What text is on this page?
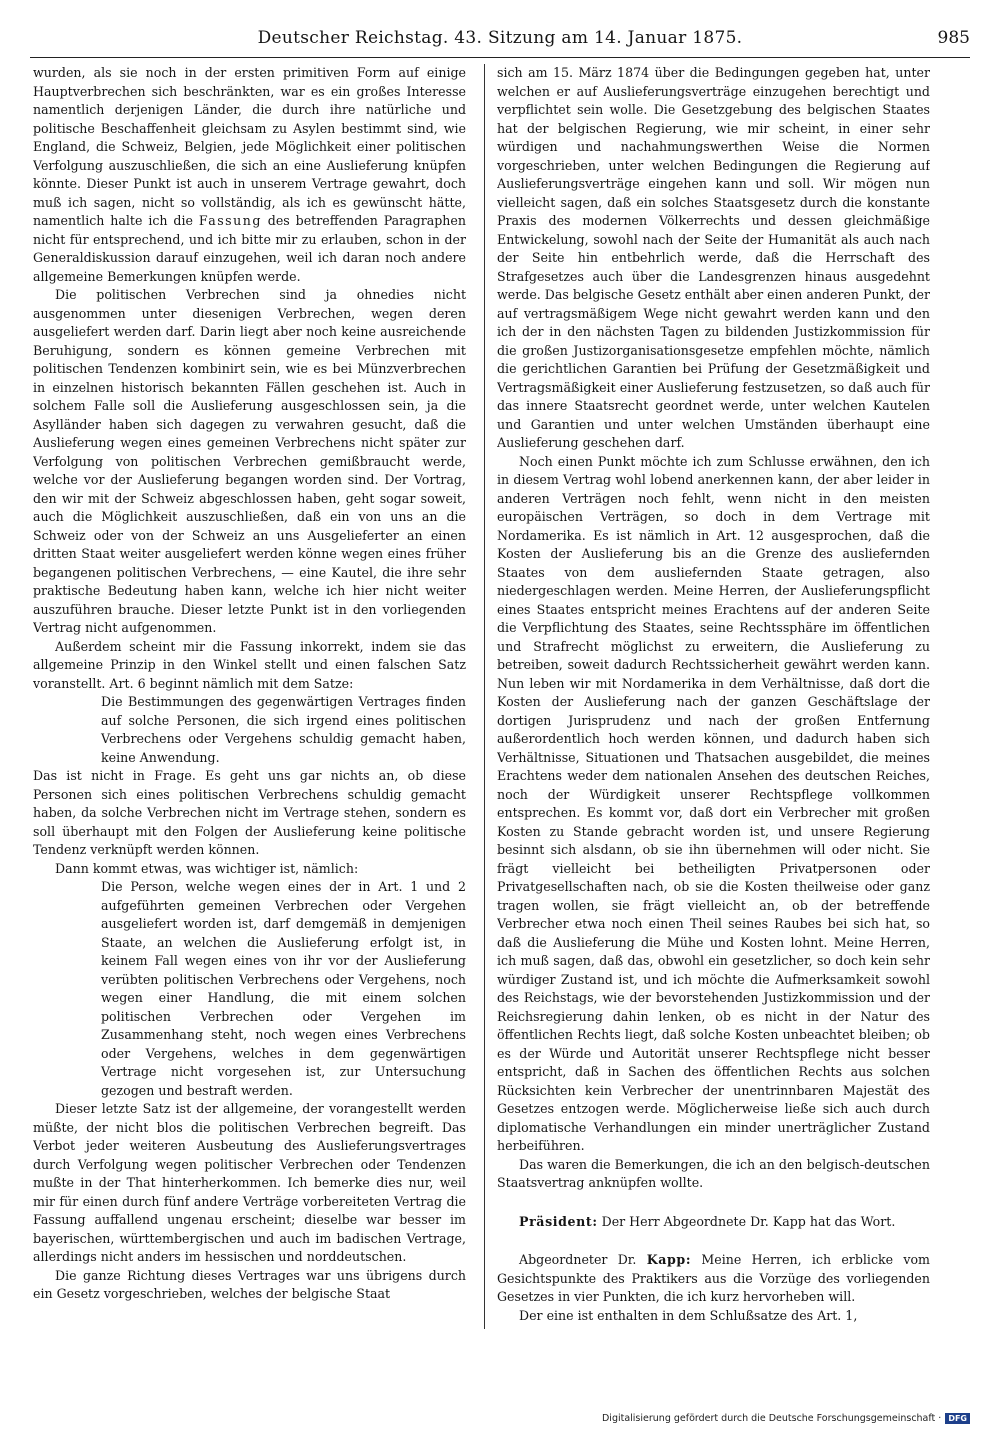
Deutscher Reichstag. 43. Sitzung am 14. Januar 1875.	985

wurden, als sie noch in der ersten primitiven Form auf einige Hauptverbrechen sich beschränkten, war es ein großes Interesse namentlich derjenigen Länder, die durch ihre natürliche und politische Beschaffenheit gleichsam zu Asylen bestimmt sind, wie England, die Schweiz, Belgien, jede Möglichkeit einer politischen Verfolgung auszuschließen, die sich an eine Auslieferung knüpfen könnte. Dieser Punkt ist auch in unserem Vertrage gewahrt, doch muß ich sagen, nicht so vollständig, als ich es gewünscht hätte, namentlich halte ich die Fassung des betreffenden Paragraphen nicht für entsprechend, und ich bitte mir zu erlauben, schon in der Generaldiskussion darauf einzugehen, weil ich daran noch andere allgemeine Bemerkungen knüpfen werde.

Die politischen Verbrechen sind ja ohnedies nicht ausgenommen unter diesenigen Verbrechen, wegen deren ausgeliefert werden darf. Darin liegt aber noch keine ausreichende Beruhigung, sondern es können gemeine Verbrechen mit politischen Tendenzen kombinirt sein, wie es bei Münzverbrechen in einzelnen historisch bekannten Fällen geschehen ist. Auch in solchem Falle soll die Auslieferung ausgeschlossen sein, ja die Asylländer haben sich dagegen zu verwahren gesucht, daß die Auslieferung wegen eines gemeinen Verbrechens nicht später zur Verfolgung von politischen Verbrechen gemißbraucht werde, welche vor der Auslieferung begangen worden sind. Der Vortrag, den wir mit der Schweiz abgeschlossen haben, geht sogar soweit, auch die Möglichkeit auszuschließen, daß ein von uns an die Schweiz oder von der Schweiz an uns Ausgelieferter an einen dritten Staat weiter ausgeliefert werden könne wegen eines früher begangenen politischen Verbrechens, — eine Kautel, die ihre sehr praktische Bedeutung haben kann, welche ich hier nicht weiter auszuführen brauche. Dieser letzte Punkt ist in den vorliegenden Vertrag nicht aufgenommen.

Außerdem scheint mir die Fassung inkorrekt, indem sie das allgemeine Prinzip in den Winkel stellt und einen falschen Satz voranstellt. Art. 6 beginnt nämlich mit dem Satze:

Die Bestimmungen des gegenwärtigen Vertrages finden auf solche Personen, die sich irgend eines politischen Verbrechens oder Vergehens schuldig gemacht haben, keine Anwendung.

Das ist nicht in Frage. Es geht uns gar nichts an, ob diese Personen sich eines politischen Verbrechens schuldig gemacht haben, da solche Verbrechen nicht im Vertrage stehen, sondern es soll überhaupt mit den Folgen der Auslieferung keine politische Tendenz verknüpft werden können.

Dann kommt etwas, was wichtiger ist, nämlich:

Die Person, welche wegen eines der in Art. 1 und 2 aufgeführten gemeinen Verbrechen oder Vergehen ausgeliefert worden ist, darf demgemäß in demjenigen Staate, an welchen die Auslieferung erfolgt ist, in keinem Fall wegen eines von ihr vor der Auslieferung verübten politischen Verbrechens oder Vergehens, noch wegen einer Handlung, die mit einem solchen politischen Verbrechen oder Vergehen im Zusammenhang steht, noch wegen eines Verbrechens oder Vergehens, welches in dem gegenwärtigen Vertrage nicht vorgesehen ist, zur Untersuchung gezogen und bestraft werden.

Dieser letzte Satz ist der allgemeine, der vorangestellt werden müßte, der nicht blos die politischen Verbrechen begreift. Das Verbot jeder weiteren Ausbeutung des Auslieferungsvertrages durch Verfolgung wegen politischer Verbrechen oder Tendenzen mußte in der That hinterherkommen. Ich bemerke dies nur, weil mir für einen durch fünf andere Verträge vorbereiteten Vertrag die Fassung auffallend ungenau erscheint; dieselbe war besser im bayerischen, württembergischen und auch im badischen Vertrage, allerdings nicht anders im hessischen und norddeutschen.

Die ganze Richtung dieses Vertrages war uns übrigens durch ein Gesetz vorgeschrieben, welches der belgische Staat

sich am 15. März 1874 über die Bedingungen gegeben hat, unter welchen er auf Auslieferungsverträge einzugehen berechtigt und verpflichtet sein wolle. Die Gesetzgebung des belgischen Staates hat der belgischen Regierung, wie mir scheint, in einer sehr würdigen und nachahmungswerthen Weise die Normen vorgeschrieben, unter welchen Bedingungen die Regierung auf Auslieferungsverträge eingehen kann und soll. Wir mögen nun vielleicht sagen, daß ein solches Staatsgesetz durch die konstante Praxis des modernen Völkerrechts und dessen gleichmäßige Entwickelung, sowohl nach der Seite der Humanität als auch nach der Seite hin entbehrlich werde, daß die Herrschaft des Strafgesetzes auch über die Landesgrenzen hinaus ausgedehnt werde. Das belgische Gesetz enthält aber einen anderen Punkt, der auf vertragsmäßigem Wege nicht gewahrt werden kann und den ich der in den nächsten Tagen zu bildenden Justizkommission für die großen Justizorganisationsgesetze empfehlen möchte, nämlich die gerichtlichen Garantien bei Prüfung der Gesetzmäßigkeit und Vertragsmäßigkeit einer Auslieferung festzusetzen, so daß auch für das innere Staatsrecht geordnet werde, unter welchen Kautelen und Garantien und unter welchen Umständen überhaupt eine Auslieferung geschehen darf.

Noch einen Punkt möchte ich zum Schlusse erwähnen, den ich in diesem Vertrag wohl lobend anerkennen kann, der aber leider in anderen Verträgen noch fehlt, wenn nicht in den meisten europäischen Verträgen, so doch in dem Vertrage mit Nordamerika. Es ist nämlich in Art. 12 ausgesprochen, daß die Kosten der Auslieferung bis an die Grenze des ausliefernden Staates von dem ausliefernden Staate getragen, also niedergeschlagen werden. Meine Herren, der Auslieferungspflicht eines Staates entspricht meines Erachtens auf der anderen Seite die Verpflichtung des Staates, seine Rechtssphäre im öffentlichen und Strafrecht möglichst zu erweitern, die Auslieferung zu betreiben, soweit dadurch Rechtssicherheit gewährt werden kann. Nun leben wir mit Nordamerika in dem Verhältnisse, daß dort die Kosten der Auslieferung nach der ganzen Geschäftslage der dortigen Jurisprudenz und nach der großen Entfernung außerordentlich hoch werden können, und dadurch haben sich Verhältnisse, Situationen und Thatsachen ausgebildet, die meines Erachtens weder dem nationalen Ansehen des deutschen Reiches, noch der Würdigkeit unserer Rechtspflege vollkommen entsprechen. Es kommt vor, daß dort ein Verbrecher mit großen Kosten zu Stande gebracht worden ist, und unsere Regierung besinnt sich alsdann, ob sie ihn übernehmen will oder nicht. Sie frägt vielleicht bei betheiligten Privatpersonen oder Privatgesellschaften nach, ob sie die Kosten theilweise oder ganz tragen wollen, sie frägt vielleicht an, ob der betreffende Verbrecher etwa noch einen Theil seines Raubes bei sich hat, so daß die Auslieferung die Mühe und Kosten lohnt. Meine Herren, ich muß sagen, daß das, obwohl ein gesetzlicher, so doch kein sehr würdiger Zustand ist, und ich möchte die Aufmerksamkeit sowohl des Reichstags, wie der bevorstehenden Justizkommission und der Reichsregierung dahin lenken, ob es nicht in der Natur des öffentlichen Rechts liegt, daß solche Kosten unbeachtet bleiben; ob es der Würde und Autorität unserer Rechtspflege nicht besser entspricht, daß in Sachen des öffentlichen Rechts aus solchen Rücksichten kein Verbrecher der unentrinnbaren Majestät des Gesetzes entzogen werde. Möglicherweise ließe sich auch durch diplomatische Verhandlungen ein minder unerträglicher Zustand herbeiführen.

Das waren die Bemerkungen, die ich an den belgisch-deutschen Staatsvertrag anknüpfen wollte.

Präsident: Der Herr Abgeordnete Dr. Kapp hat das Wort.

Abgeordneter Dr. Kapp: Meine Herren, ich erblicke vom Gesichtspunkte des Praktikers aus die Vorzüge des vorliegenden Gesetzes in vier Punkten, die ich kurz hervorheben will.

Der eine ist enthalten in dem Schlußsatze des Art. 1,

Digitalisierung gefördert durch die Deutsche Forschungsgemeinschaft · DFG
